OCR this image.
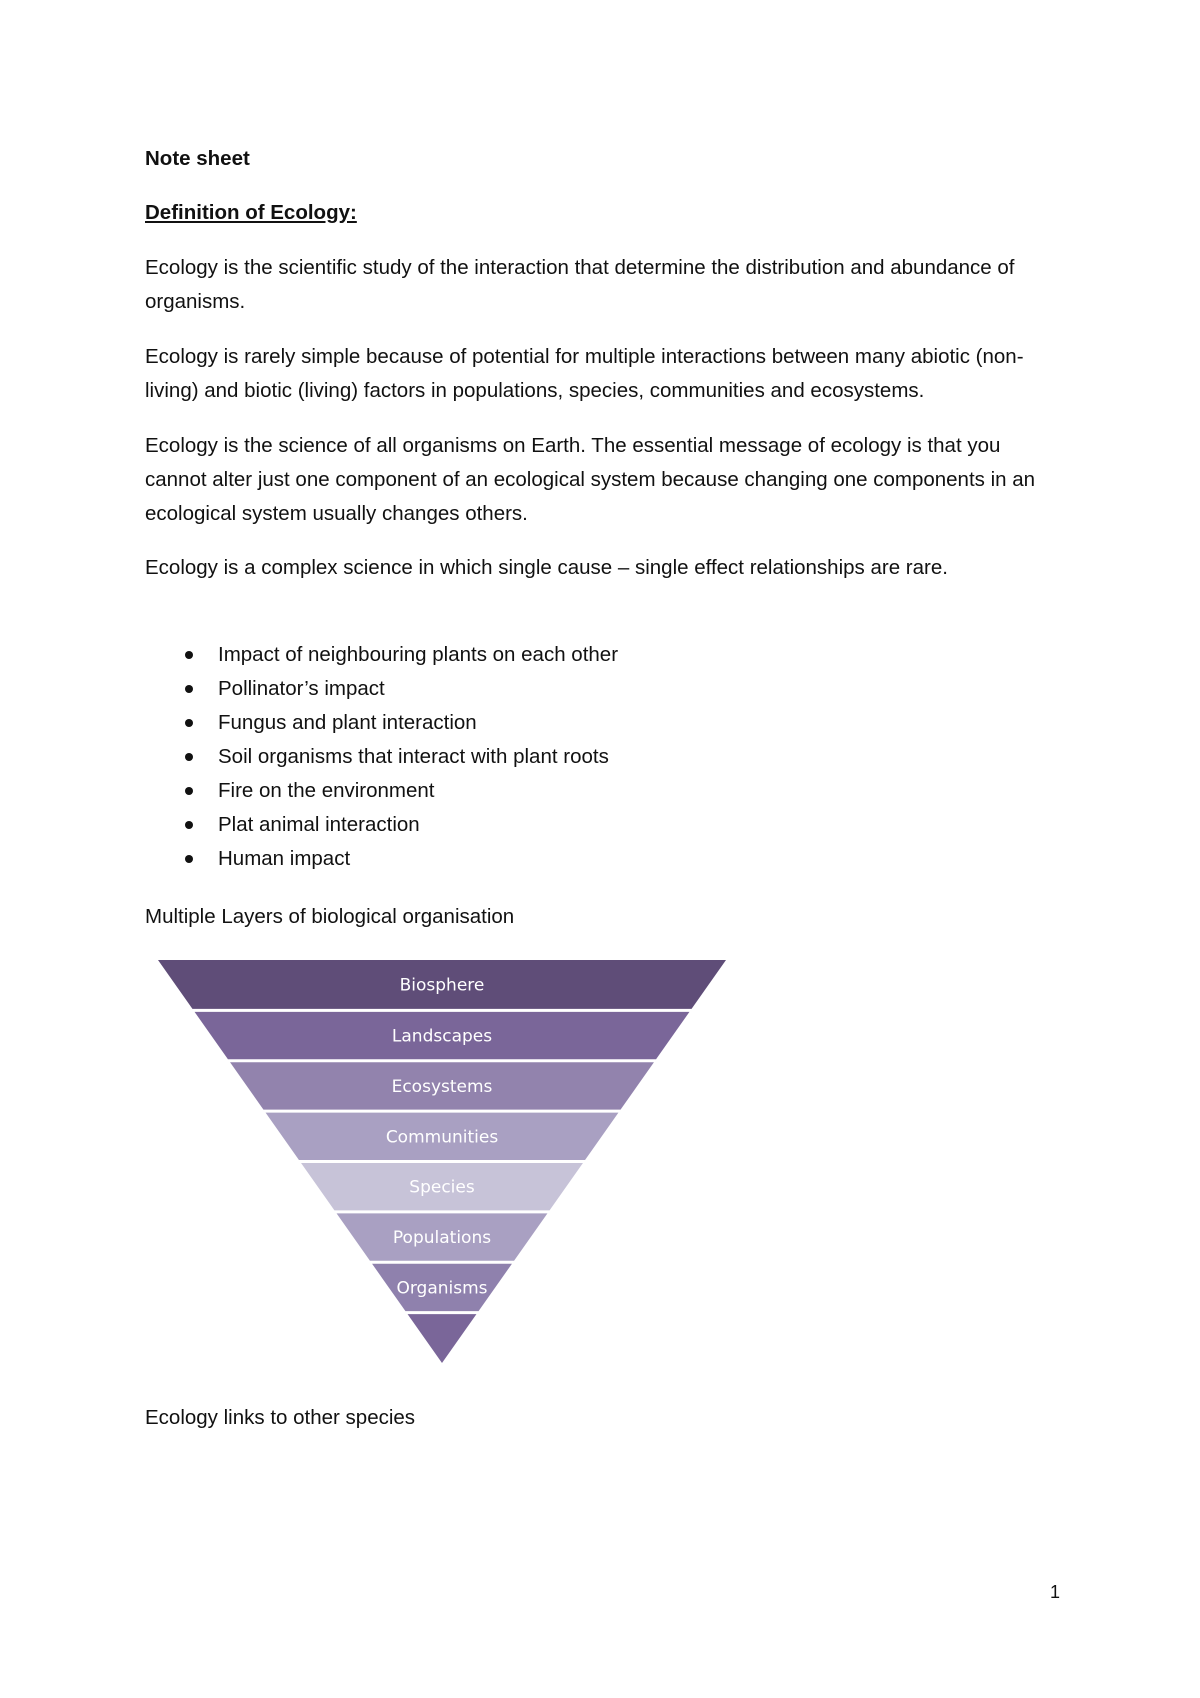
Note sheet

Definition of Ecology:

Ecology is the scientific study of the interaction that determine the distribution and abundance of organisms.

Ecology is rarely simple because of potential for multiple interactions between many abiotic (non-living) and biotic (living) factors in populations, species, communities and ecosystems.

Ecology is the science of all organisms on Earth. The essential message of ecology is that you cannot alter just one component of an ecological system because changing one components in an ecological system usually changes others.

Ecology is a complex science in which single cause – single effect relationships are rare.

Impact of neighbouring plants on each other
Pollinator’s impact
Fungus and plant interaction
Soil organisms that interact with plant roots
Fire on the environment
Plat animal interaction
Human impact

Multiple Layers of biological organisation

Biosphere
Landscapes
Ecosystems
Communities
Species
Populations
Organisms

Ecology links to other species

1
